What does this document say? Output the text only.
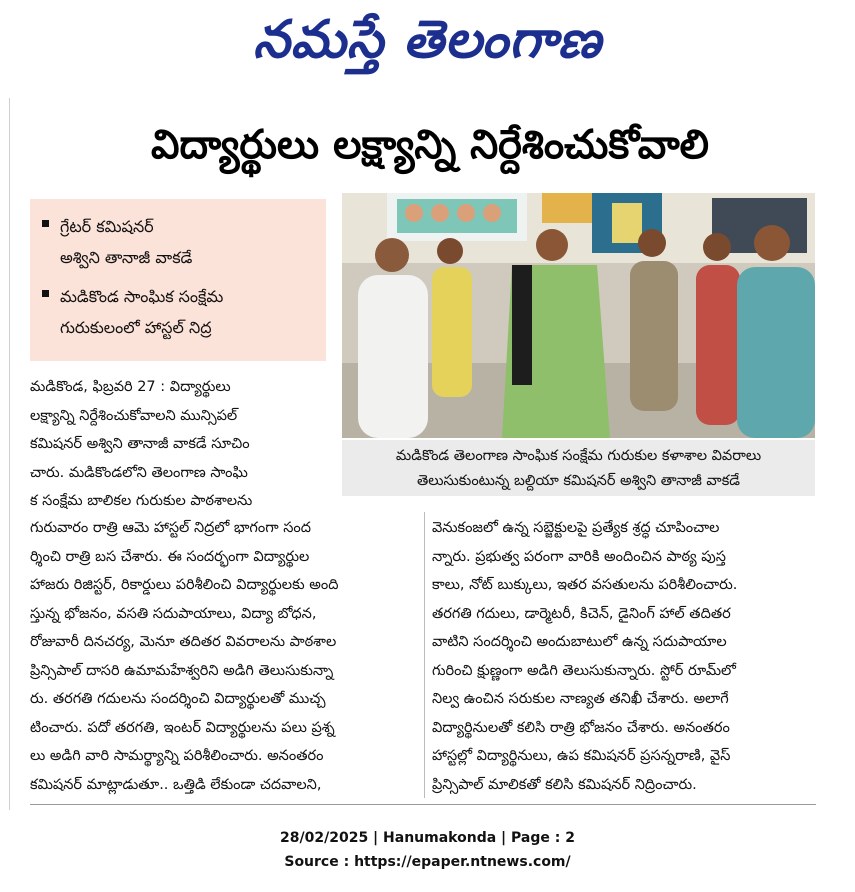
నమస్తే తెలంగాణ
విద్యార్థులు లక్ష్యాన్ని నిర్దేశించుకోవాలి
గ్రేటర్ కమిషనర్
అశ్విని తానాజీ వాకడే
మడికొండ సాంఘిక సంక్షేమ
గురుకులంలో హాస్టల్ నిద్ర
మడికొండ తెలంగాణ సాంఘిక సంక్షేమ గురుకుల కళాశాల వివరాలు
తెలుసుకుంటున్న బల్దియా కమిషనర్ అశ్విని తానాజీ వాకడే
మడికొండ, ఫిబ్రవరి 27 : విద్యార్థులు
లక్ష్యాన్ని నిర్దేశించుకోవాలని మున్సిపల్
కమిషనర్ అశ్విని తానాజీ వాకడే సూచిం
చారు. మడికొండలోని తెలంగాణ సాంఘి
క సంక్షేమ బాలికల గురుకుల పాఠశాలను
గురువారం రాత్రి ఆమె హాస్టల్ నిద్రలో భాగంగా సంద
ర్శించి రాత్రి బస చేశారు. ఈ సందర్భంగా విద్యార్థుల
హాజరు రిజిస్టర్, రికార్డులు పరిశీలించి విద్యార్థులకు అంది
స్తున్న భోజనం, వసతి సదుపాయాలు, విద్యా బోధన,
రోజువారీ దినచర్య, మెనూ తదితర వివరాలను పాఠశాల
ప్రిన్సిపాల్ దాసరి ఉమామహేశ్వరిని అడిగి తెలుసుకున్నా
రు. తరగతి గదులను సందర్శించి విద్యార్థులతో ముచ్చ
టించారు. పదో తరగతి, ఇంటర్ విద్యార్థులను పలు ప్రశ్న
లు అడిగి వారి సామర్థ్యాన్ని పరిశీలించారు. అనంతరం
కమిషనర్ మాట్లాడుతూ.. ఒత్తిడి లేకుండా చదవాలని,
వెనుకంజలో ఉన్న సబ్జెక్టులపై ప్రత్యేక శ్రద్ధ చూపించాల
న్నారు. ప్రభుత్వ పరంగా వారికి అందించిన పాఠ్య పుస్త
కాలు, నోట్ బుక్కులు, ఇతర వసతులను పరిశీలించారు.
తరగతి గదులు, డార్మెటరీ, కిచెన్, డైనింగ్ హాల్ తదితర
వాటిని సందర్శించి అందుబాటులో ఉన్న సదుపాయాల
గురించి క్షుణ్ణంగా అడిగి తెలుసుకున్నారు. స్టోర్ రూమ్‌లో
నిల్వ ఉంచిన సరుకుల నాణ్యత తనిఖీ చేశారు. అలాగే
విద్యార్థినులతో కలిసి రాత్రి భోజనం చేశారు. అనంతరం
హాస్టల్లో విద్యార్థినులు, ఉప కమిషనర్ ప్రసన్నరాణి, వైస్
ప్రిన్సిపాల్ మాలికతో కలిసి కమిషనర్ నిద్రించారు.
28/02/2025 | Hanumakonda | Page : 2
Source : https://epaper.ntnews.com/
